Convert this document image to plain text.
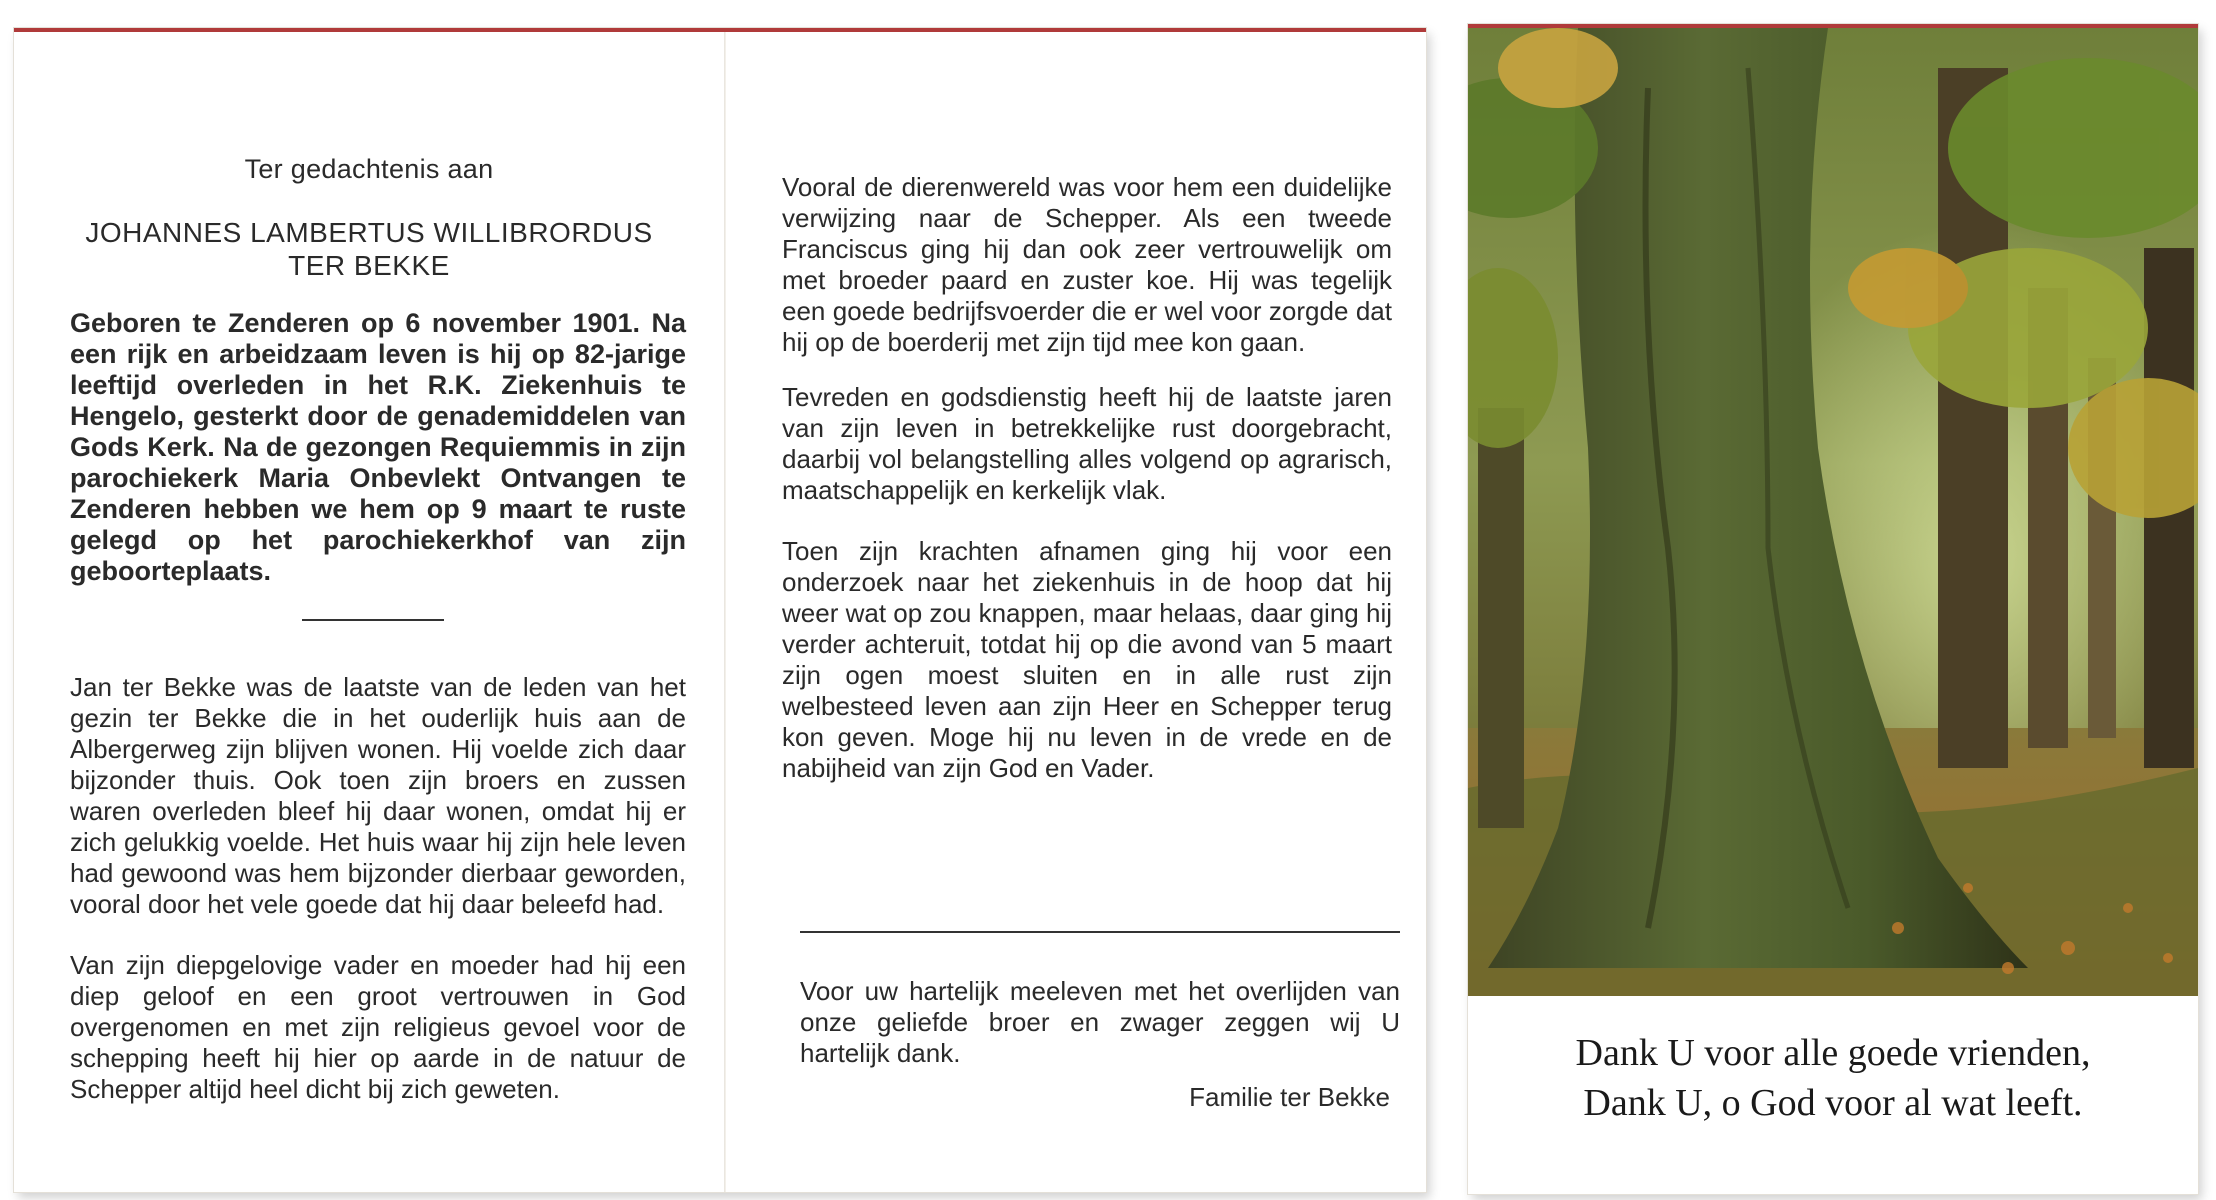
Ter gedachtenis aan
JOHANNES LAMBERTUS WILLIBRORDUS
TER BEKKE
Geboren te Zenderen op 6 november 1901. Na een rijk en arbeidzaam leven is hij op 82-jarige leeftijd overleden in het R.K. Ziekenhuis te Hengelo, gesterkt door de genademiddelen van Gods Kerk. Na de gezongen Requiemmis in zijn parochiekerk Maria Onbevlekt Ontvangen te Zenderen hebben we hem op 9 maart te ruste gelegd op het parochiekerkhof van zijn geboorteplaats.
Jan ter Bekke was de laatste van de leden van het gezin ter Bekke die in het ouderlijk huis aan de Albergerweg zijn blijven wonen. Hij voelde zich daar bijzonder thuis. Ook toen zijn broers en zussen waren overleden bleef hij daar wonen, omdat hij er zich gelukkig voelde. Het huis waar hij zijn hele leven had gewoond was hem bijzonder dierbaar geworden, vooral door het vele goede dat hij daar beleefd had.
Van zijn diepgelovige vader en moeder had hij een diep geloof en een groot vertrouwen in God overgenomen en met zijn religieus gevoel voor de schepping heeft hij hier op aarde in de natuur de Schepper altijd heel dicht bij zich geweten.
Vooral de dierenwereld was voor hem een duidelijke verwijzing naar de Schepper. Als een tweede Franciscus ging hij dan ook zeer vertrouwelijk om met broeder paard en zuster koe. Hij was tegelijk een goede bedrijfsvoerder die er wel voor zorgde dat hij op de boerderij met zijn tijd mee kon gaan.
Tevreden en godsdienstig heeft hij de laatste jaren van zijn leven in betrekkelijke rust doorgebracht, daarbij vol belangstelling alles volgend op agrarisch, maatschappelijk en kerkelijk vlak.
Toen zijn krachten afnamen ging hij voor een onderzoek naar het ziekenhuis in de hoop dat hij weer wat op zou knappen, maar helaas, daar ging hij verder achteruit, totdat hij op die avond van 5 maart zijn ogen moest sluiten en in alle rust zijn welbesteed leven aan zijn Heer en Schepper terug kon geven. Moge hij nu leven in de vrede en de nabijheid van zijn God en Vader.
Voor uw hartelijk meeleven met het overlijden van onze geliefde broer en zwager zeggen wij U hartelijk dank.
Familie ter Bekke
Dank U voor alle goede vrienden,
Dank U, o God voor al wat leeft.
